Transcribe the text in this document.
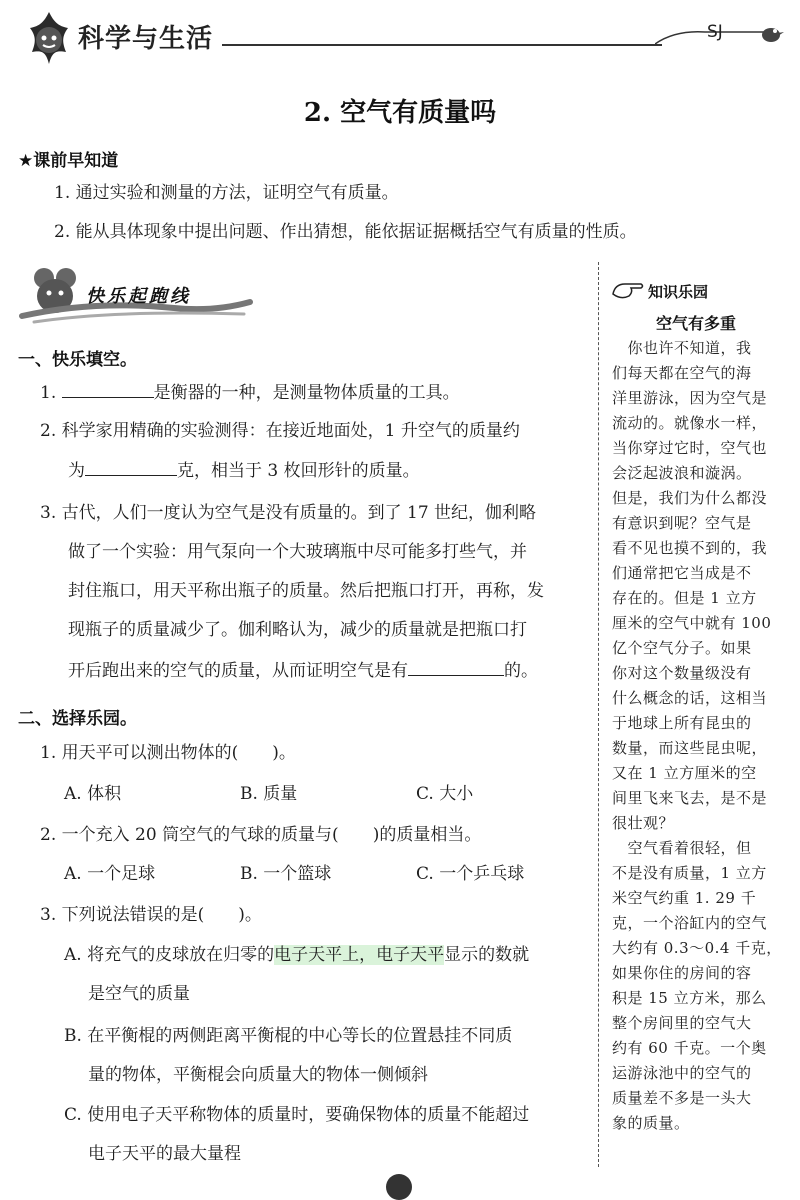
科学与生活	SJ
2. 空气有质量吗
★课前早知道
1. 通过实验和测量的方法，证明空气有质量。
2. 能从具体现象中提出问题、作出猜想，能依据证据概括空气有质量的性质。
快乐起跑线
一、快乐填空。
1.	是衡器的一种，是测量物体质量的工具。
2. 科学家用精确的实验测得：在接近地面处，1 升空气的质量约
为	克，相当于 3 枚回形针的质量。
3. 古代，人们一度认为空气是没有质量的。到了 17 世纪，伽利略
做了一个实验：用气泵向一个大玻璃瓶中尽可能多打些气，并
封住瓶口，用天平称出瓶子的质量。然后把瓶口打开，再称，发
现瓶子的质量减少了。伽利略认为，减少的质量就是把瓶口打
开后跑出来的空气的质量，从而证明空气是有	的。
二、选择乐园。
1. 用天平可以测出物体的(　　)。
A. 体积	B. 质量	C. 大小
2. 一个充入 20 筒空气的气球的质量与(　　)的质量相当。
A. 一个足球	B. 一个篮球	C. 一个乒乓球
3. 下列说法错误的是(　　)。
A. 将充气的皮球放在归零的电子天平上，电子天平显示的数就
是空气的质量
B. 在平衡棍的两侧距离平衡棍的中心等长的位置悬挂不同质
量的物体，平衡棍会向质量大的物体一侧倾斜
C. 使用电子天平称物体的质量时，要确保物体的质量不能超过
电子天平的最大量程
知识乐园
空气有多重
　你也许不知道，我
们每天都在空气的海
洋里游泳，因为空气是
流动的。就像水一样，
当你穿过它时，空气也
会泛起波浪和漩涡。
但是，我们为什么都没
有意识到呢？空气是
看不见也摸不到的，我
们通常把它当成是不
存在的。但是 1 立方
厘米的空气中就有 100
亿个空气分子。如果
你对这个数量级没有
什么概念的话，这相当
于地球上所有昆虫的
数量，而这些昆虫呢，
又在 1 立方厘米的空
间里飞来飞去，是不是
很壮观？
　空气看着很轻，但
不是没有质量，1 立方
米空气约重 1. 29 千
克，一个浴缸内的空气
大约有 0.3～0.4 千克，
如果你住的房间的容
积是 15 立方米，那么
整个房间里的空气大
约有 60 千克。一个奥
运游泳池中的空气的
质量差不多是一头大
象的质量。
